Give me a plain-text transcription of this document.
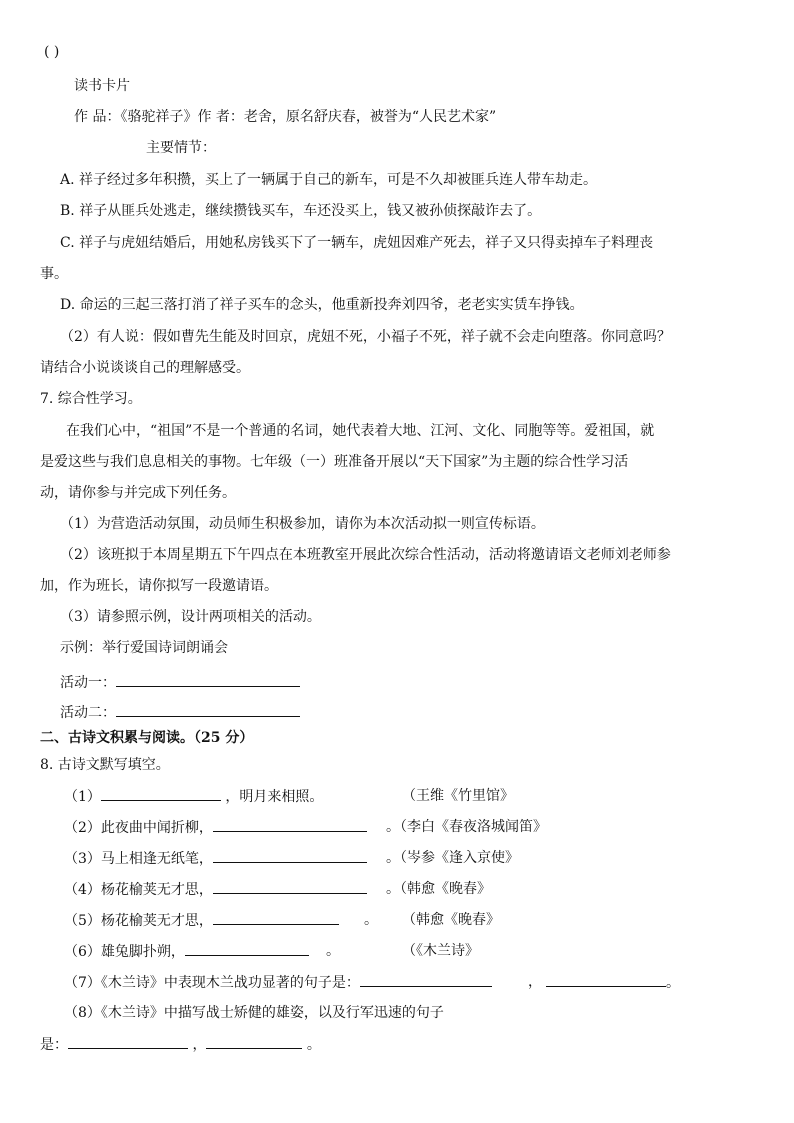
( )
读书卡片
作 品：《骆驼祥子》作 者：老舍，原名舒庆春，被誉为“人民艺术家”
主要情节：
A. 祥子经过多年积攒，买上了一辆属于自己的新车，可是不久却被匪兵连人带车劫走。
B. 祥子从匪兵处逃走，继续攒钱买车，车还没买上，钱又被孙侦探敲诈去了。
C. 祥子与虎妞结婚后，用她私房钱买下了一辆车，虎妞因难产死去，祥子又只得卖掉车子料理丧
事。
D. 命运的三起三落打消了祥子买车的念头，他重新投奔刘四爷，老老实实赁车挣钱。
（2）有人说：假如曹先生能及时回京，虎妞不死，小福子不死，祥子就不会走向堕落。你同意吗？
请结合小说谈谈自己的理解感受。
7. 综合性学习。
在我们心中，“祖国”不是一个普通的名词，她代表着大地、江河、文化、同胞等等。爱祖国，就
是爱这些与我们息息相关的事物。七年级（一）班准备开展以“天下国家”为主题的综合性学习活
动，请你参与并完成下列任务。
（1）为营造活动氛围，动员师生积极参加，请你为本次活动拟一则宣传标语。
（2）该班拟于本周星期五下午四点在本班教室开展此次综合性活动，活动将邀请语文老师刘老师参
加，作为班长，请你拟写一段邀请语。
（3）请参照示例，设计两项相关的活动。
示例：举行爱国诗词朗诵会
活动一：
活动二：
二、古诗文积累与阅读。（25 分）
8. 古诗文默写填空。
（1）	，明月来相照。	（王维《竹里馆》
（2）此夜曲中闻折柳，	。（李白《春夜洛城闻笛》
（3）马上相逢无纸笔，	。（岑参《逢入京使》
（4）杨花榆荚无才思，	。（韩愈《晚春》
（5）杨花榆荚无才思，	。 （韩愈《晚春》
（6）雄兔脚扑朔，	。	（《木兰诗》
（7）《木兰诗》中表现木兰战功显著的句子是：	，	。
（8）《木兰诗》中描写战士矫健的雄姿，以及行军迅速的句子
是：	，	。
